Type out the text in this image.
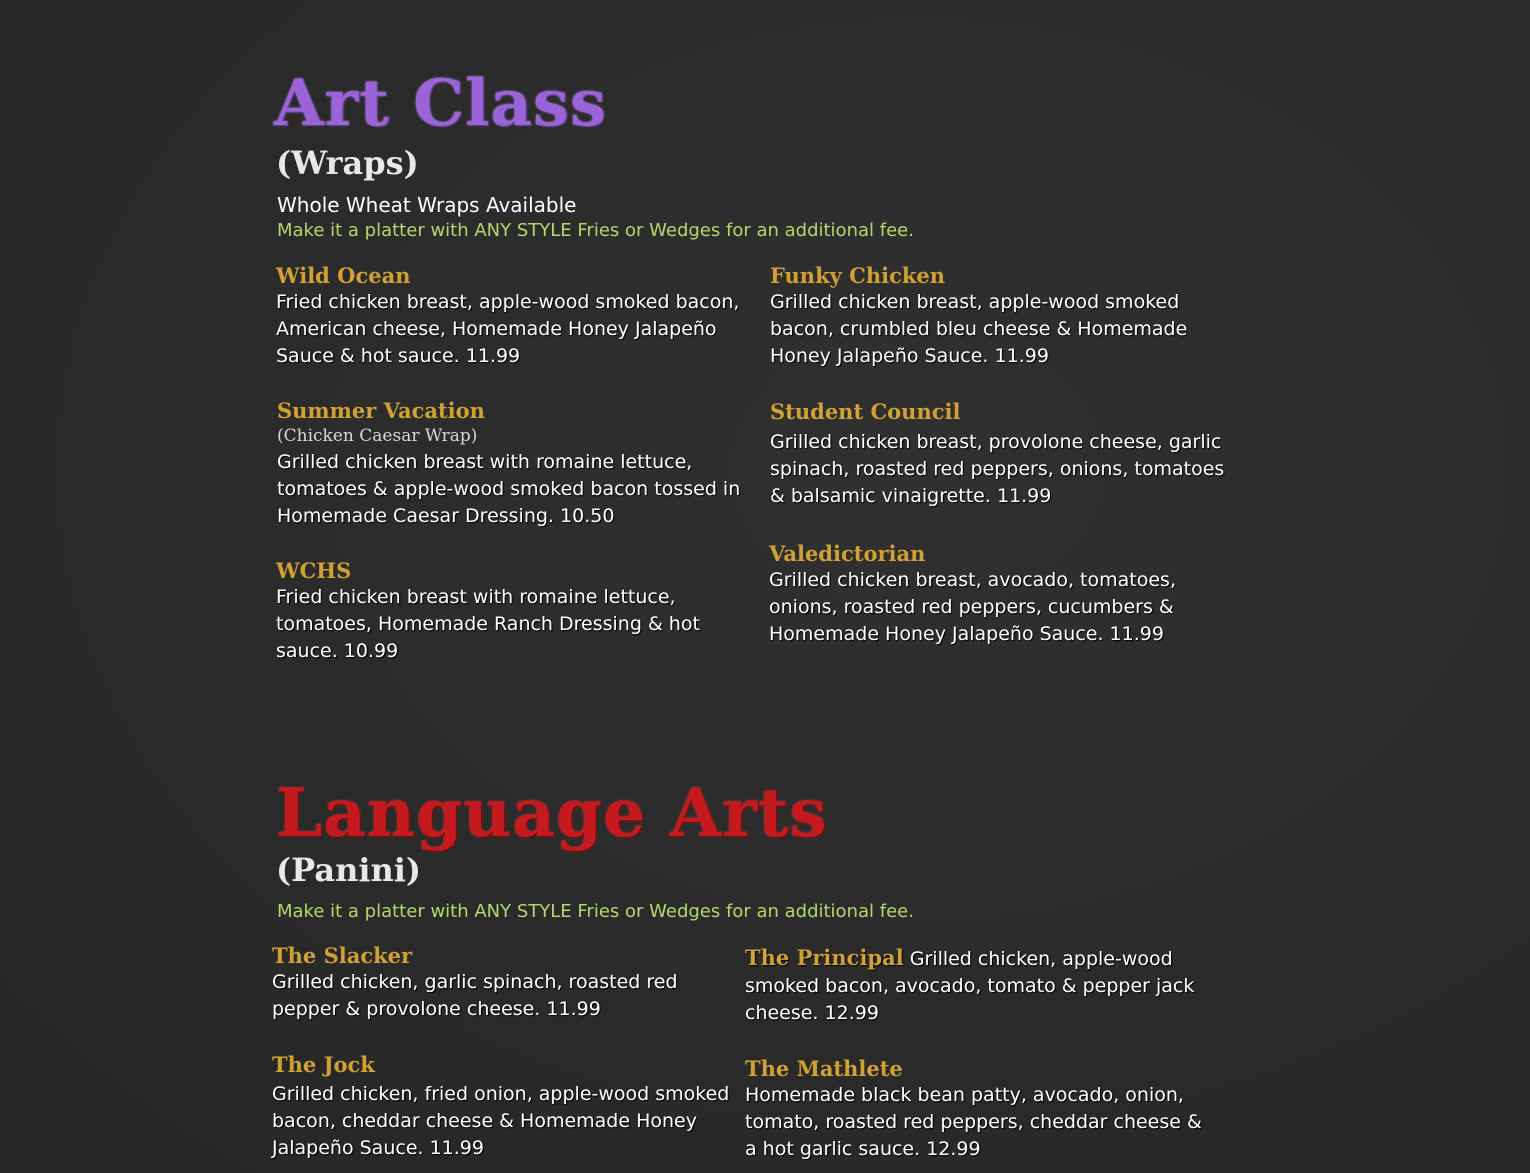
Art Class
(Wraps)

Whole Wheat Wraps Available

Make it a platter with ANY STYLE Fries or Wedges for an additional fee.

Wild Ocean

Fried chicken breast, apple-wood smoked bacon, American cheese, Homemade Honey Jalapeño Sauce & hot sauce. 11.99

Funky Chicken

Grilled chicken breast, apple-wood smoked bacon, crumbled bleu cheese & Homemade Honey Jalapeño Sauce. 11.99

Summer Vacation

(Chicken Caesar Wrap)

Grilled chicken breast with romaine lettuce, tomatoes & apple-wood smoked bacon tossed in Homemade Caesar Dressing. 10.50

Student Council

Grilled chicken breast, provolone cheese, garlic spinach, roasted red peppers, onions, tomatoes & balsamic vinaigrette. 11.99

WCHS

Fried chicken breast with romaine lettuce, tomatoes, Homemade Ranch Dressing & hot sauce. 10.99

Valedictorian

Grilled chicken breast, avocado, tomatoes, onions, roasted red peppers, cucumbers & Homemade Honey Jalapeño Sauce. 11.99

Language Arts
(Panini)

Make it a platter with ANY STYLE Fries or Wedges for an additional fee.

The Slacker

Grilled chicken, garlic spinach, roasted red pepper & provolone cheese. 11.99

The Principal Grilled chicken, apple-wood smoked bacon, avocado, tomato & pepper jack cheese. 12.99

The Jock

Grilled chicken, fried onion, apple-wood smoked bacon, cheddar cheese & Homemade Honey Jalapeño Sauce. 11.99

The Mathlete

Homemade black bean patty, avocado, onion, tomato, roasted red peppers, cheddar cheese & a hot garlic sauce. 12.99
